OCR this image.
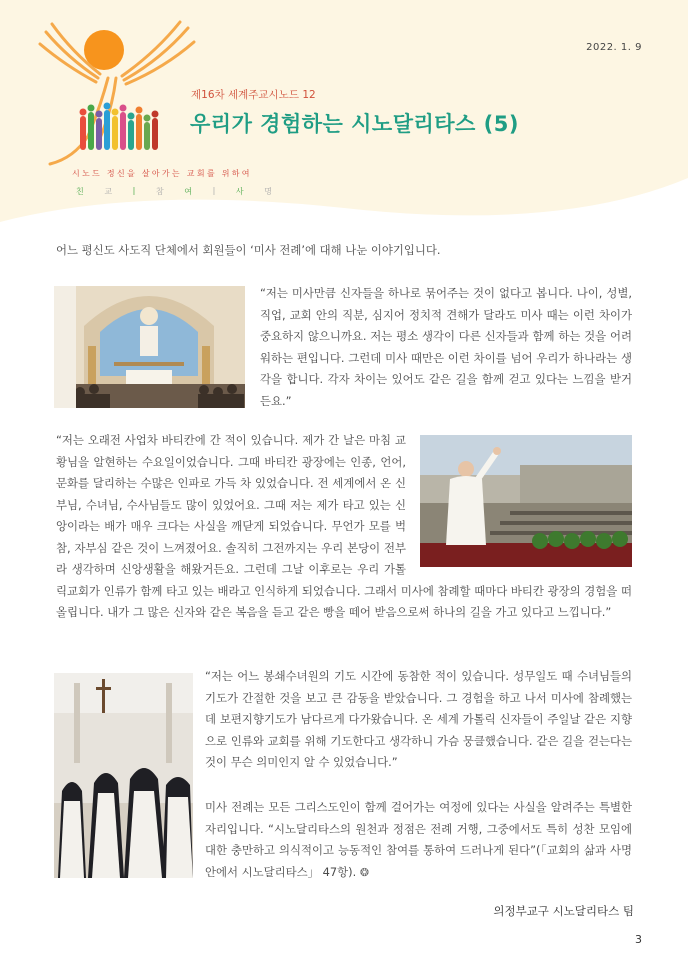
2022. 1. 9
제16차 세계주교시노드 12
우리가 경험하는 시노달리타스 (5)
시노드 정신을 살아가는 교회를 위하여
친	교	|	참	여	|	사	명
어느 평신도 사도직 단체에서 회원들이 ‘미사 전례’에 대해 나눈 이야기입니다.
“저는 미사만큼 신자들을 하나로 묶어주는 것이 없다고 봅니다. 나이, 성별, 직업, 교회 안의 직분, 심지어 정치적 견해가 달라도 미사 때는 이런 차이가 중요하지 않으니까요. 저는 평소 생각이 다른 신자들과 함께 하는 것을 어려워하는 편입니다. 그런데 미사 때만은 이런 차이를 넘어 우리가 하나라는 생각을 합니다. 각자 차이는 있어도 같은 길을 함께 걷고 있다는 느낌을 받거든요.”
“저는 오래전 사업차 바티칸에 간 적이 있습니다. 제가 간 날은 마침 교황님을 알현하는 수요일이었습니다. 그때 바티칸 광장에는 인종, 언어, 문화를 달리하는 수많은 인파로 가득 차 있었습니다. 전 세계에서 온 신부님, 수녀님, 수사님들도 많이 있었어요. 그때 저는 제가 타고 있는 신앙이라는 배가 매우 크다는 사실을 깨닫게 되었습니다. 무언가 모를 벅참, 자부심 같은 것이 느껴졌어요. 솔직히 그전까지는 우리 본당이 전부라 생각하며 신앙생활을 해왔거든요. 그런데 그날 이후로는 우리 가톨릭교회가 인류가 함께 타고 있는 배라고 인식하게 되었습니다. 그래서 미사에 참례할 때마다 바티칸 광장의 경험을 떠올립니다. 내가 그 많은 신자와 같은 복음을 듣고 같은 빵을 떼어 받음으로써 하나의 길을 가고 있다고 느낍니다.”
“저는 어느 봉쇄수녀원의 기도 시간에 동참한 적이 있습니다. 성무일도 때 수녀님들의 기도가 간절한 것을 보고 큰 감동을 받았습니다. 그 경험을 하고 나서 미사에 참례했는데 보편지향기도가 남다르게 다가왔습니다. 온 세계 가톨릭 신자들이 주일날 같은 지향으로 인류와 교회를 위해 기도한다고 생각하니 가슴 뭉클했습니다. 같은 길을 걷는다는 것이 무슨 의미인지 알 수 있었습니다.”
미사 전례는 모든 그리스도인이 함께 걸어가는 여정에 있다는 사실을 알려주는 특별한 자리입니다. “시노달리타스의 원천과 정점은 전례 거행, 그중에서도 특히 성찬 모임에 대한 충만하고 의식적이고 능동적인 참여를 통하여 드러나게 된다”(「교회의 삶과 사명 안에서 시노달리타스」 47항). ❂
의정부교구 시노달리타스 팀
3
